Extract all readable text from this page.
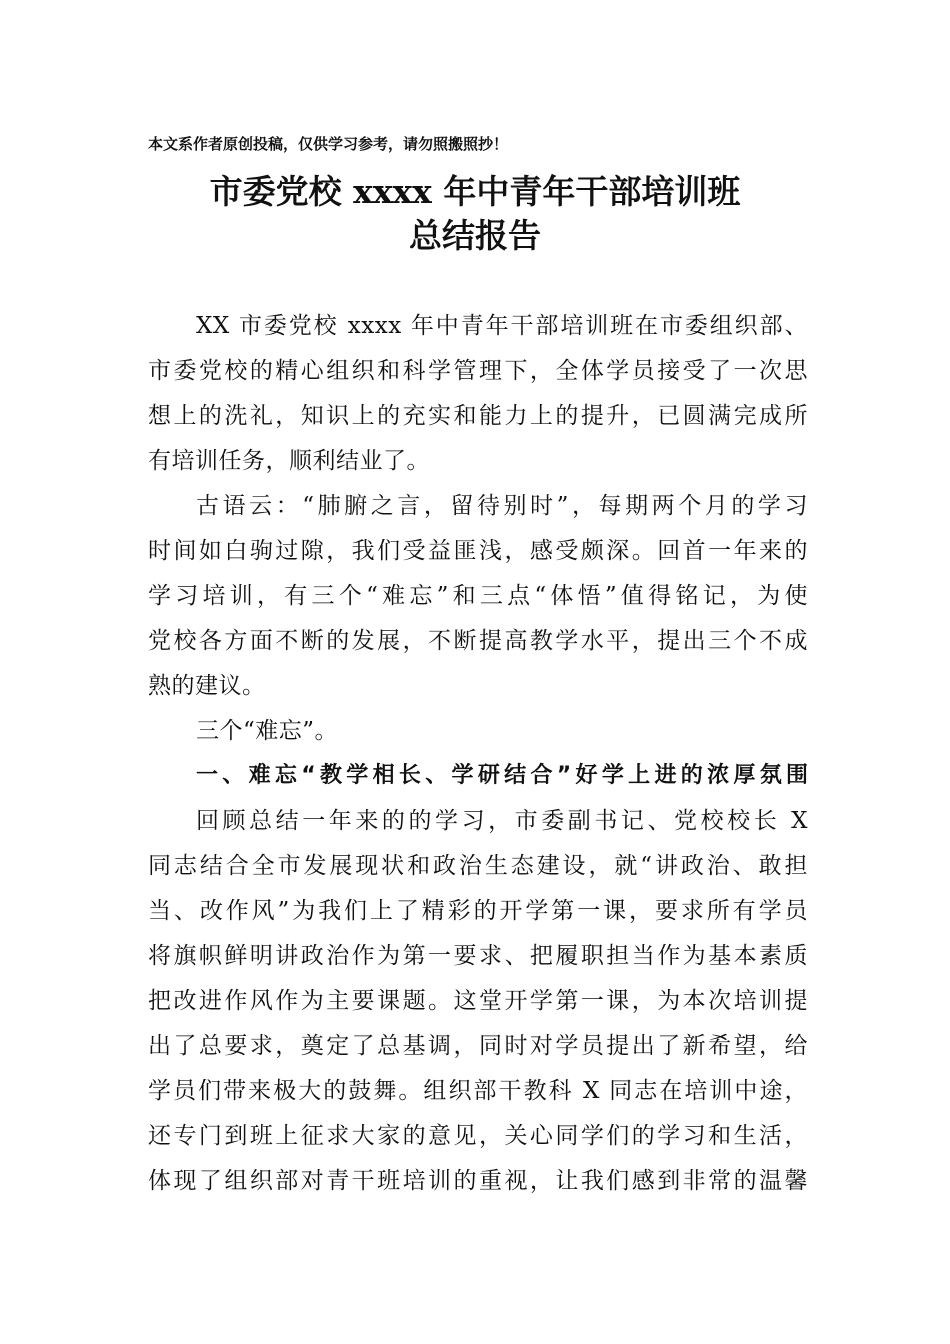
本文系作者原创投稿，仅供学习参考，请勿照搬照抄！
市委党校 xxxx 年中青年干部培训班
总结报告
XX 市委党校 xxxx 年中青年干部培训班在市委组织部、
市委党校的精心组织和科学管理下，全体学员接受了一次思
想上的洗礼，知识上的充实和能力上的提升，已圆满完成所
有培训任务，顺利结业了。
古语云：“肺腑之言，留待别时”，每期两个月的学习
时间如白驹过隙，我们受益匪浅，感受颇深。回首一年来的
学习培训，有三个“难忘”和三点“体悟”值得铭记，为使
党校各方面不断的发展，不断提高教学水平，提出三个不成
熟的建议。
三个“难忘”。
一、难忘“教学相长、学研结合”好学上进的浓厚氛围
回顾总结一年来的的学习，市委副书记、党校校长 X
同志结合全市发展现状和政治生态建设，就“讲政治、敢担
当、改作风”为我们上了精彩的开学第一课，要求所有学员
将旗帜鲜明讲政治作为第一要求、把履职担当作为基本素质
把改进作风作为主要课题。这堂开学第一课，为本次培训提
出了总要求，奠定了总基调，同时对学员提出了新希望，给
学员们带来极大的鼓舞。组织部干教科 X 同志在培训中途，
还专门到班上征求大家的意见，关心同学们的学习和生活，
体现了组织部对青干班培训的重视，让我们感到非常的温馨
